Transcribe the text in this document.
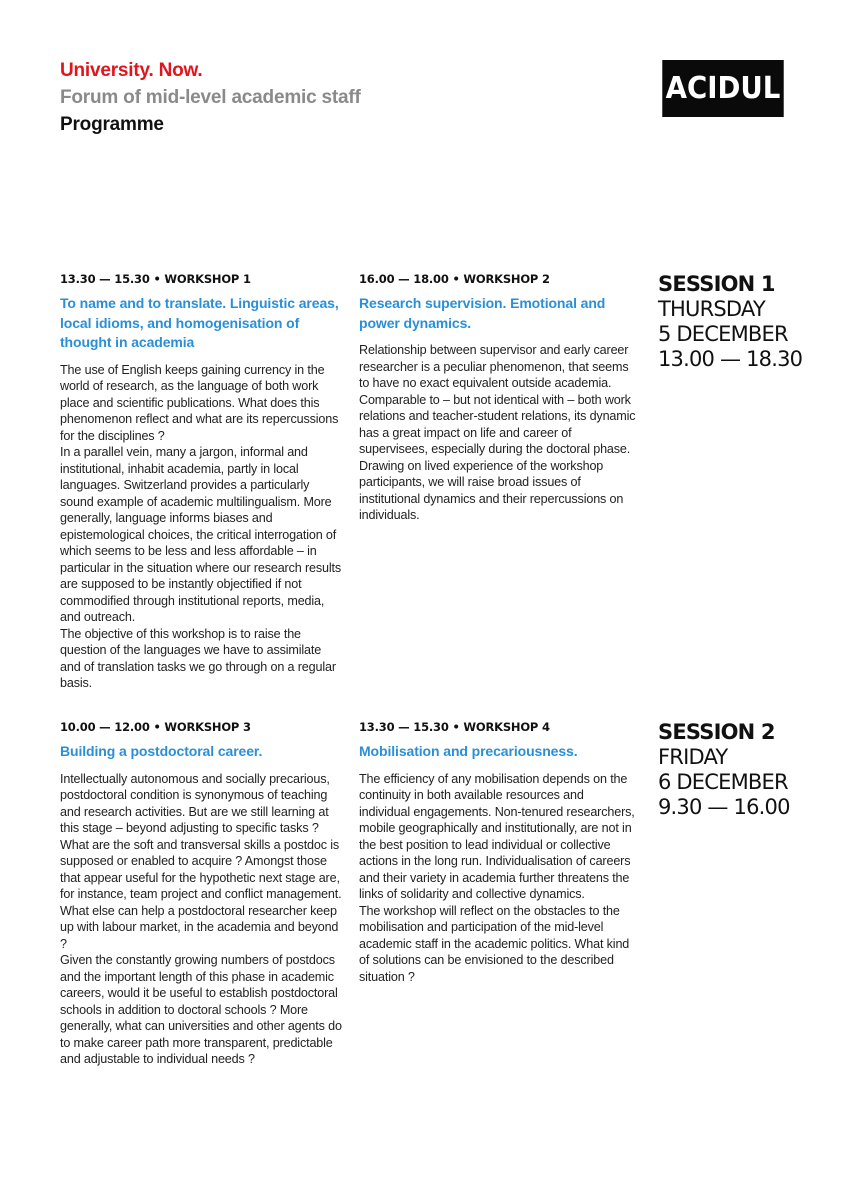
University. Now.
Forum of mid-level academic staff
Programme
ACIDUL
13.30 — 15.30 • WORKSHOP 1
To name and to translate. Linguistic areas, local idioms, and homogenisation of thought in academia

The use of English keeps gaining currency in the world of research, as the language of both work place and scientific publications. What does this phenomenon reflect and what are its repercussions for the disciplines ?

In a parallel vein, many a jargon, informal and institutional, inhabit academia, partly in local languages. Switzerland provides a particularly sound example of academic multilingualism. More generally, language informs biases and epistemological choices, the critical interrogation of which seems to be less and less affordable – in particular in the situation where our research results are supposed to be instantly objectified if not commodified through institutional reports, media, and outreach.

The objective of this workshop is to raise the question of the languages we have to assimilate and of translation tasks we go through on a regular basis.

16.00 — 18.00 • WORKSHOP 2
Research supervision. Emotional and power dynamics.

Relationship between supervisor and early career researcher is a peculiar phenomenon, that seems to have no exact equivalent outside academia. Comparable to – but not identical with – both work relations and teacher-student relations, its dynamic has a great impact on life and career of supervisees, especially during the doctoral phase. Drawing on lived experience of the workshop participants, we will raise broad issues of institutional dynamics and their repercussions on individuals.

SESSION 1
THURSDAY
5 DECEMBER
13.00 — 18.30
10.00 — 12.00 • WORKSHOP 3
Building a postdoctoral career.

Intellectually autonomous and socially precarious, postdoctoral condition is synonymous of teaching and research activities. But are we still learning at this stage – beyond adjusting to specific tasks ? What are the soft and transversal skills a postdoc is supposed or enabled to acquire ? Amongst those that appear useful for the hypothetic next stage are, for instance, team project and conflict management. What else can help a postdoctoral researcher keep up with labour market, in the academia and beyond ?

Given the constantly growing numbers of postdocs and the important length of this phase in academic careers, would it be useful to establish postdoctoral schools in addition to doctoral schools ? More generally, what can universities and other agents do to make career path more transparent, predictable and adjustable to individual needs ?

13.30 — 15.30 • WORKSHOP 4
Mobilisation and precariousness.

The efficiency of any mobilisation depends on the continuity in both available resources and individual engagements. Non-tenured researchers, mobile geographically and institutionally, are not in the best position to lead individual or collective actions in the long run. Individualisation of careers and their variety in academia further threatens the links of solidarity and collective dynamics.

The workshop will reflect on the obstacles to the mobilisation and participation of the mid-level academic staff in the academic politics. What kind of solutions can be envisioned to the described situation ?

SESSION 2
FRIDAY
6 DECEMBER
9.30 — 16.00
